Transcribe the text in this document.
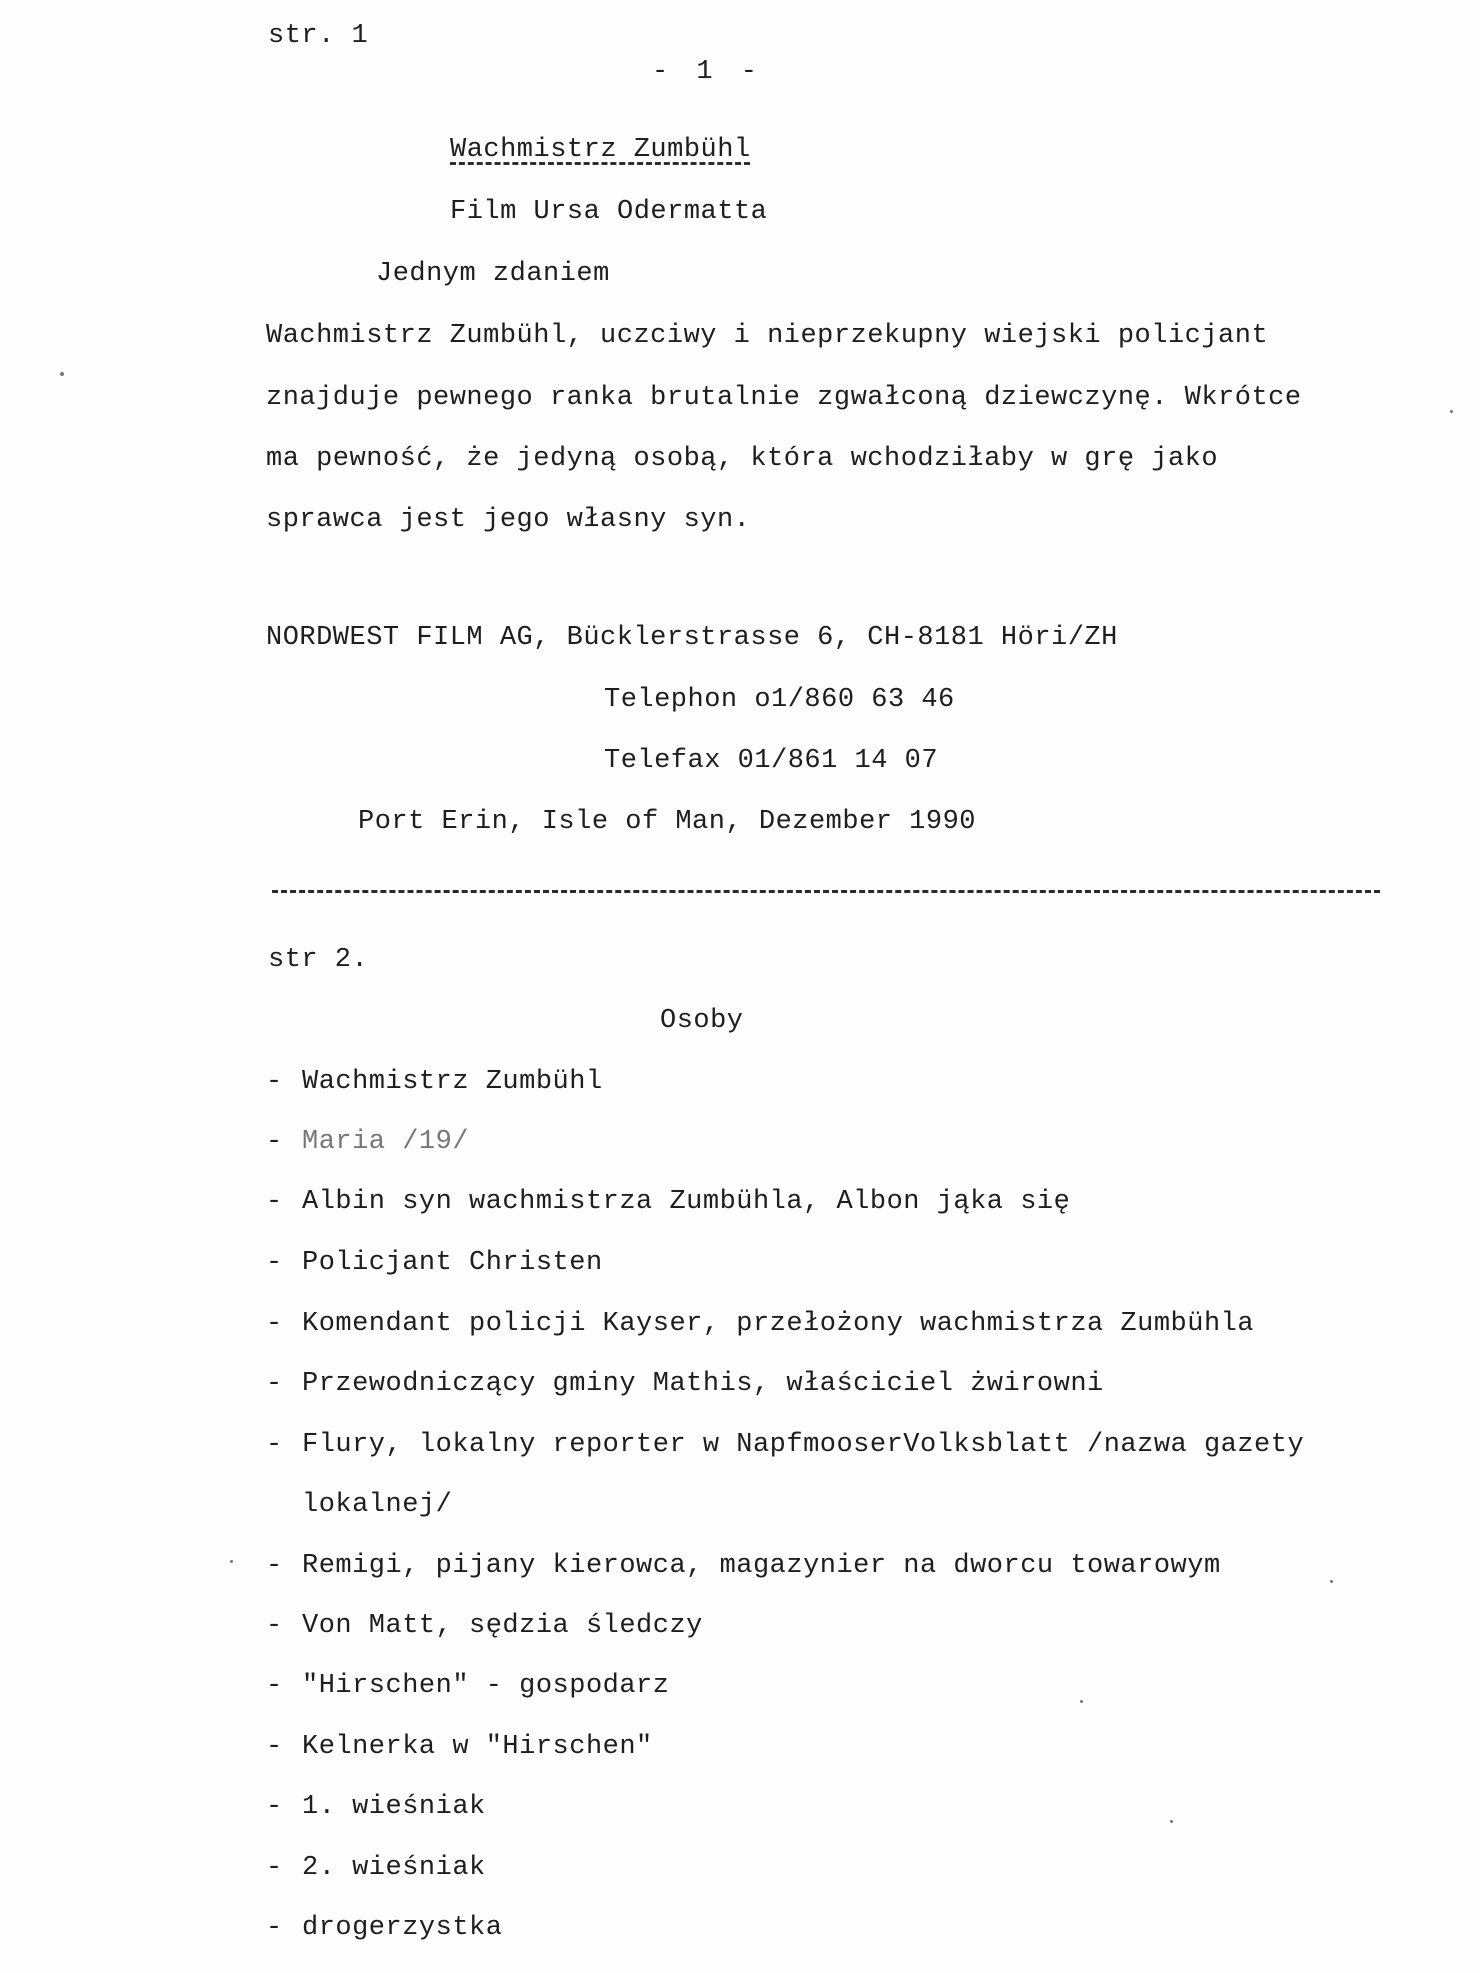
str. 1
- 1 -
Wachmistrz Zumbühl
Film Ursa Odermatta
Jednym zdaniem
Wachmistrz Zumbühl, uczciwy i nieprzekupny wiejski policjant
znajduje pewnego ranka brutalnie zgwałconą dziewczynę. Wkrótce
ma pewność, że jedyną osobą, która wchodziłaby w grę jako
sprawca jest jego własny syn.
NORDWEST FILM AG, Bücklerstrasse 6, CH-8181 Höri/ZH
Telephon o1/860 63 46
Telefax 01/861 14 07
Port Erin, Isle of Man, Dezember 1990
str 2.
Osoby
- Wachmistrz Zumbühl
- Maria /19/
- Albin syn wachmistrza Zumbühla, Albon jąka się
- Policjant Christen
- Komendant policji Kayser, przełożony wachmistrza Zumbühla
- Przewodniczący gminy Mathis, właściciel żwirowni
- Flury, lokalny reporter w NapfmooserVolksblatt /nazwa gazety
lokalnej/
- Remigi, pijany kierowca, magazynier na dworcu towarowym
- Von Matt, sędzia śledczy
- "Hirschen" - gospodarz
- Kelnerka w "Hirschen"
- 1. wieśniak
- 2. wieśniak
- drogerzystka
